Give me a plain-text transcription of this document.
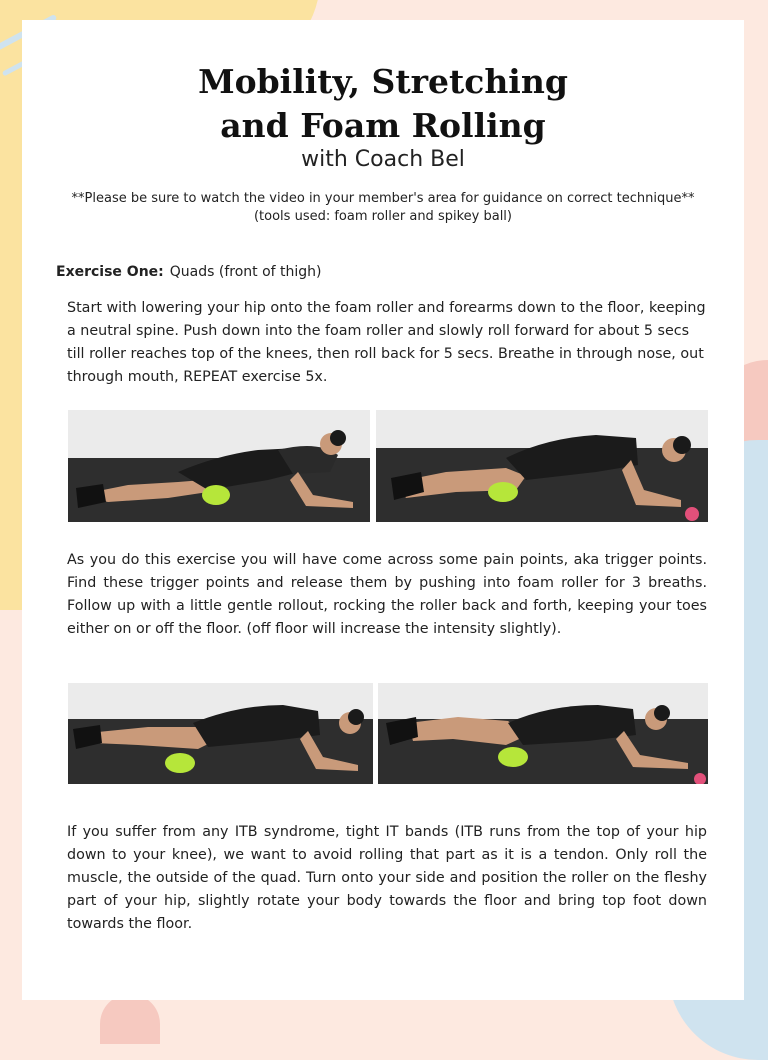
Mobility, Stretching
and Foam Rolling
with Coach Bel
**Please be sure to watch the video in your member's area for guidance on correct technique**
(tools used: foam roller and spikey ball)
Exercise One: Quads (front of thigh)
Start with lowering your hip onto the foam roller and forearms down to the floor, keeping a neutral spine. Push down into the foam roller and slowly roll forward for about 5 secs till roller reaches top of the knees, then roll back for 5 secs. Breathe in through nose, out through mouth, REPEAT exercise 5x.
As you do this exercise you will have come across some pain points, aka trigger points. Find these trigger points and release them by pushing into foam roller for 3 breaths. Follow up with a little gentle rollout, rocking the roller back and forth, keeping your toes either on or off the floor. (off floor will increase the intensity slightly).
If you suffer from any ITB syndrome, tight IT bands (ITB runs from the top of your hip down to your knee), we want to avoid rolling that part as it is a tendon. Only roll the muscle, the outside of the quad. Turn onto your side and position the roller on the fleshy part of your hip, slightly rotate your body towards the floor and bring top foot down towards the floor.
